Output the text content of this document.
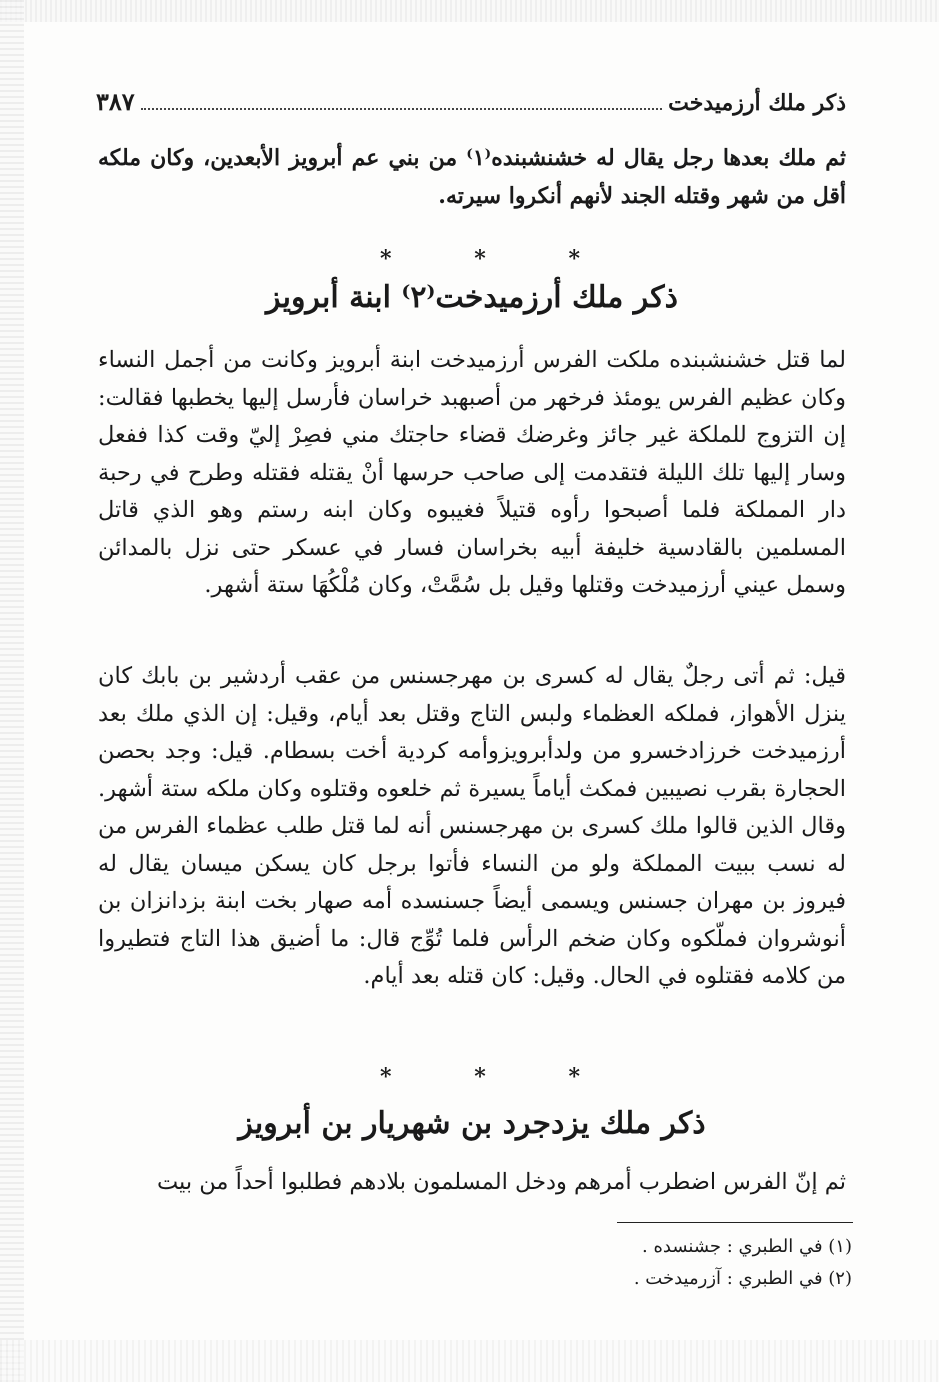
ذكر ملك أرزميدخت
٣٨٧

ثم ملك بعدها رجل يقال له خشنشبنده⁽١⁾ من بني عم أبرويز الأبعدين، وكان ملكه أقل من شهر وقتله الجند لأنهم أنكروا سيرته.

*	*	*
ذكر ملك أرزميدخت⁽٢⁾ ابنة أبرويز

لما قتل خشنشبنده ملكت الفرس أرزميدخت ابنة أبرويز وكانت من أجمل النساء وكان عظيم الفرس يومئذ فرخهر من أصبهبد خراسان فأرسل إليها يخطبها فقالت: إن التزوج للملكة غير جائز وغرضك قضاء حاجتك مني فصِرْ إليّ وقت كذا ففعل وسار إليها تلك الليلة فتقدمت إلى صاحب حرسها أنْ يقتله فقتله وطرح في رحبة دار المملكة فلما أصبحوا رأوه قتيلاً فغيبوه وكان ابنه رستم وهو الذي قاتل المسلمين بالقادسية خليفة أبيه بخراسان فسار في عسكر حتى نزل بالمدائن وسمل عيني أرزميدخت وقتلها وقيل بل سُمَّتْ، وكان مُلْكُهَا ستة أشهر.

قيل: ثم أتى رجلٌ يقال له كسرى بن مهرجسنس من عقب أردشير بن بابك كان ينزل الأهواز، فملكه العظماء ولبس التاج وقتل بعد أيام، وقيل: إن الذي ملك بعد أرزميدخت خرزادخسرو من ولدأبرويزوأمه كردية أخت بسطام. قيل: وجد بحصن الحجارة بقرب نصيبين فمكث أياماً يسيرة ثم خلعوه وقتلوه وكان ملكه ستة أشهر. وقال الذين قالوا ملك كسرى بن مهرجسنس أنه لما قتل طلب عظماء الفرس من له نسب ببيت المملكة ولو من النساء فأتوا برجل كان يسكن ميسان يقال له فيروز بن مهران جسنس ويسمى أيضاً جسنسده أمه صهار بخت ابنة بزدانزان بن أنوشروان فملّكوه وكان ضخم الرأس فلما تُوِّج قال: ما أضيق هذا التاج فتطيروا من كلامه فقتلوه في الحال. وقيل: كان قتله بعد أيام.

*	*	*
ذكر ملك يزدجرد بن شهريار بن أبرويز

ثم إنّ الفرس اضطرب أمرهم ودخل المسلمون بلادهم فطلبوا أحداً من بيت

(١) في الطبري : جشنسده .
(٢) في الطبري : آزرميدخت .
